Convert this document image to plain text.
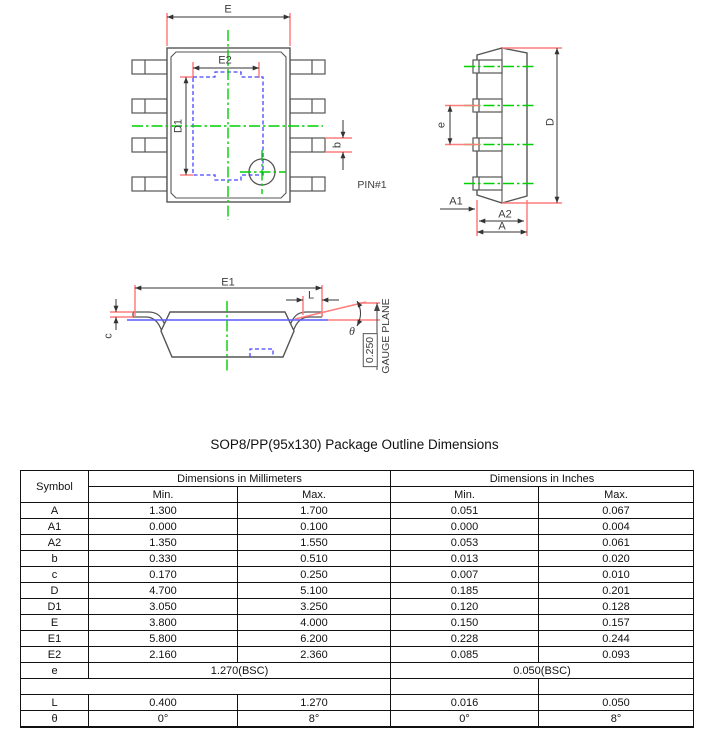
E
E2
D1
b
PIN#1
e	D
A1
A2
A
E1
L
c	θ
0.250 GAUGE PLANE
SOP8/PP(95x130) Package Outline Dimensions
Symbol	Dimensions in Millimeters		Dimensions in Inches	
	Min.	Max.	Min.	Max.
A	1.300	1.700	0.051	0.067
A1	0.000	0.100	0.000	0.004
A2	1.350	1.550	0.053	0.061
b	0.330	0.510	0.013	0.020
c	0.170	0.250	0.007	0.010
D	4.700	5.100	0.185	0.201
D1	3.050	3.250	0.120	0.128
E	3.800	4.000	0.150	0.157
E1	5.800	6.200	0.228	0.244
E2	2.160	2.360	0.085	0.093
e	1.270(BSC)		0.050(BSC)	

L	0.400	1.270	0.016	0.050
θ	0°	8°	0°	8°
